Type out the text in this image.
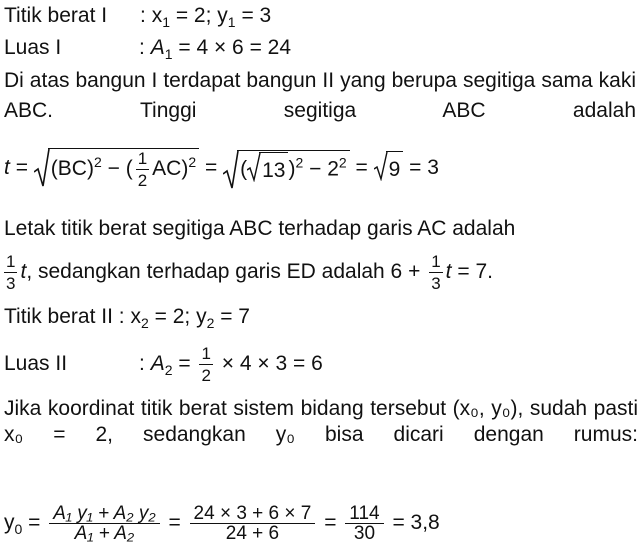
Titik berat I : $x_1 = 2$; $y_1 = 3$
Luas I	: $A_1 = 4 \times 6 = 24$
Di atas bangun I terdapat bangun II yang berupa segitiga sama kaki ABC. Tinggi segitiga ABC adalah
t = (BC)$^2$ − ( $\frac{1}{2} AC)^2$ = ( 13 )$^2 - 2^2 = 9 = 3$
Letak titik berat segitiga ABC terhadap garis AC adalah
$\frac{1}{3} t$, sedangkan terhadap garis ED adalah $6 + \frac{1}{3}$ t = 7.
Titik berat II : $x_2 = 2$; $y_2 = 7$
Luas II	: $A_2 = \frac{1}{2} \times 4 \times 3 = 6$
Jika koordinat titik berat sistem bidang tersebut (x₀, y₀), sudah pasti x₀ = 2, sedangkan y₀ bisa dicari dengan rumus:
$y_0 = \frac{\text{A₁ y₁ + A₂ y₂}}{\text{A₁ + A₂}} = \frac{24 \times 3 + 6 \times 7}{24 + 6} = \frac{114}{30} = 3,8$
